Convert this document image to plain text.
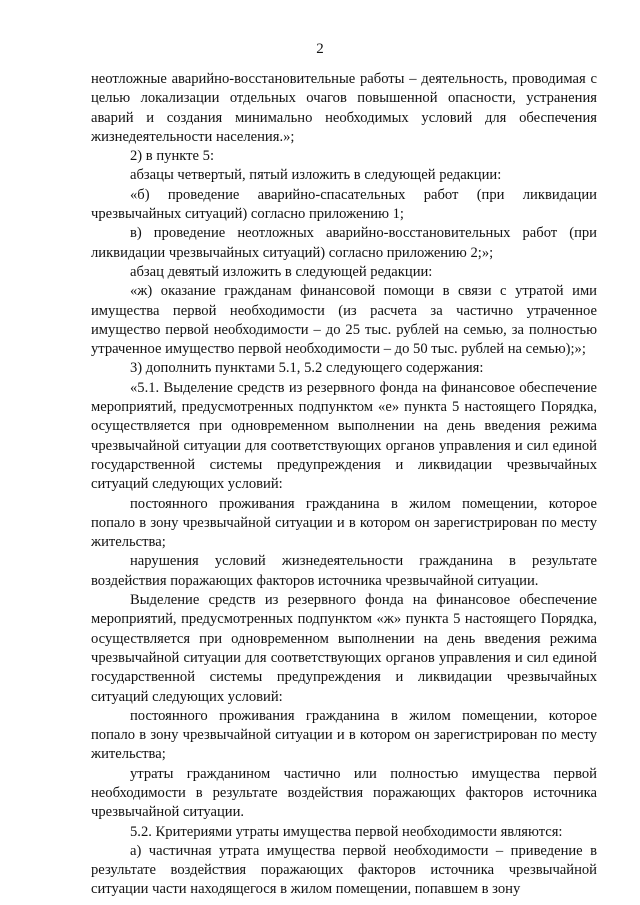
2

неотложные аварийно-восстановительные работы – деятельность, проводимая с целью локализации отдельных очагов повышенной опасности, устранения аварий и создания минимально необходимых условий для обеспечения жизнедеятельности населения.»;

2) в пункте 5:

абзацы четвертый, пятый изложить в следующей редакции:

«б) проведение аварийно-спасательных работ (при ликвидации чрезвычайных ситуаций) согласно приложению 1;

в) проведение неотложных аварийно-восстановительных работ (при ликвидации чрезвычайных ситуаций) согласно приложению 2;»;

абзац девятый изложить в следующей редакции:

«ж) оказание гражданам финансовой помощи в связи с утратой ими имущества первой необходимости (из расчета за частично утраченное имущество первой необходимости – до 25 тыс. рублей на семью, за полностью утраченное имущество первой необходимости – до 50 тыс. рублей на семью);»;

3) дополнить пунктами 5.1, 5.2 следующего содержания:

«5.1. Выделение средств из резервного фонда на финансовое обеспечение мероприятий, предусмотренных подпунктом «е» пункта 5 настоящего Порядка, осуществляется при одновременном выполнении на день введения режима чрезвычайной ситуации для соответствующих органов управления и сил единой государственной системы предупреждения и ликвидации чрезвычайных ситуаций следующих условий:

постоянного проживания гражданина в жилом помещении, которое попало в зону чрезвычайной ситуации и в котором он зарегистрирован по месту жительства;

нарушения условий жизнедеятельности гражданина в результате воздействия поражающих факторов источника чрезвычайной ситуации.

Выделение средств из резервного фонда на финансовое обеспечение мероприятий, предусмотренных подпунктом «ж» пункта 5 настоящего Порядка, осуществляется при одновременном выполнении на день введения режима чрезвычайной ситуации для соответствующих органов управления и сил единой государственной системы предупреждения и ликвидации чрезвычайных ситуаций следующих условий:

постоянного проживания гражданина в жилом помещении, которое попало в зону чрезвычайной ситуации и в котором он зарегистрирован по месту жительства;

утраты гражданином частично или полностью имущества первой необходимости в результате воздействия поражающих факторов источника чрезвычайной ситуации.

5.2. Критериями утраты имущества первой необходимости являются:

а) частичная утрата имущества первой необходимости – приведение в результате воздействия поражающих факторов источника чрезвычайной ситуации части находящегося в жилом помещении, попавшем в зону
